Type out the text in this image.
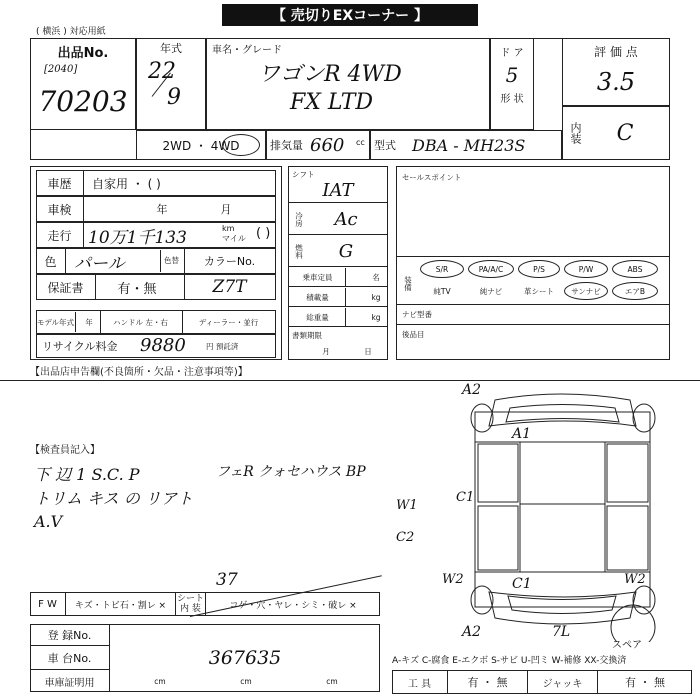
( 横浜 ) 対応用紙
【 売切りEXコーナー 】
出品No.
[2040]
70203
年式
22
9
車名・グレード
ワゴンR 4WD
FX LTD
ド ア
5
形 状
評 価 点
3.5
内装	C
2WD ・ 4WD	排気量 660	cc 型式	DBA - MH23S
車歴	自家用 ・ ( )
車検	年	月
走行 10万1千133	km
マイル ( )
色	パール	色替	カラーNo.
保証書	有・無	Z7T
モデル年式	年	ハンドル 左・右	ディーラー・並行
リサイクル料金	9880	円 預託済
【出品店申告欄(不良箇所・欠品・注意事項等)】
シフト
IAT
冷房	Ac
燃料	G
乗車定員	名
積載量	kg
総重量	kg
書類期限
月	日
セールスポイント
装備
S/R	PA/A/C	P/S	P/W	ABS
純TV	純ナビ	革シート	サンナビ	エアB
ナビ型番
後品目
【検査員記入】
下 辺 1 S.C. P	フェR クォセハウス BP
トリム キス の リアト
A.V
A2
A1
W1
C1
C2
W2	C1	W2
A2	7L
スペア
37
F W	キズ・トビ石・割レ ×
シート
内 装	コゲ・穴・ヤレ・シミ・破レ ×
登 録No.
車 台No.	367635
車庫証明用	cm	cm	cm
A-キズ C-腐食 E-エクボ S-サビ U-凹ミ W-補修 XX-交換済
工 具	有 ・ 無	ジャッキ	有 ・ 無
